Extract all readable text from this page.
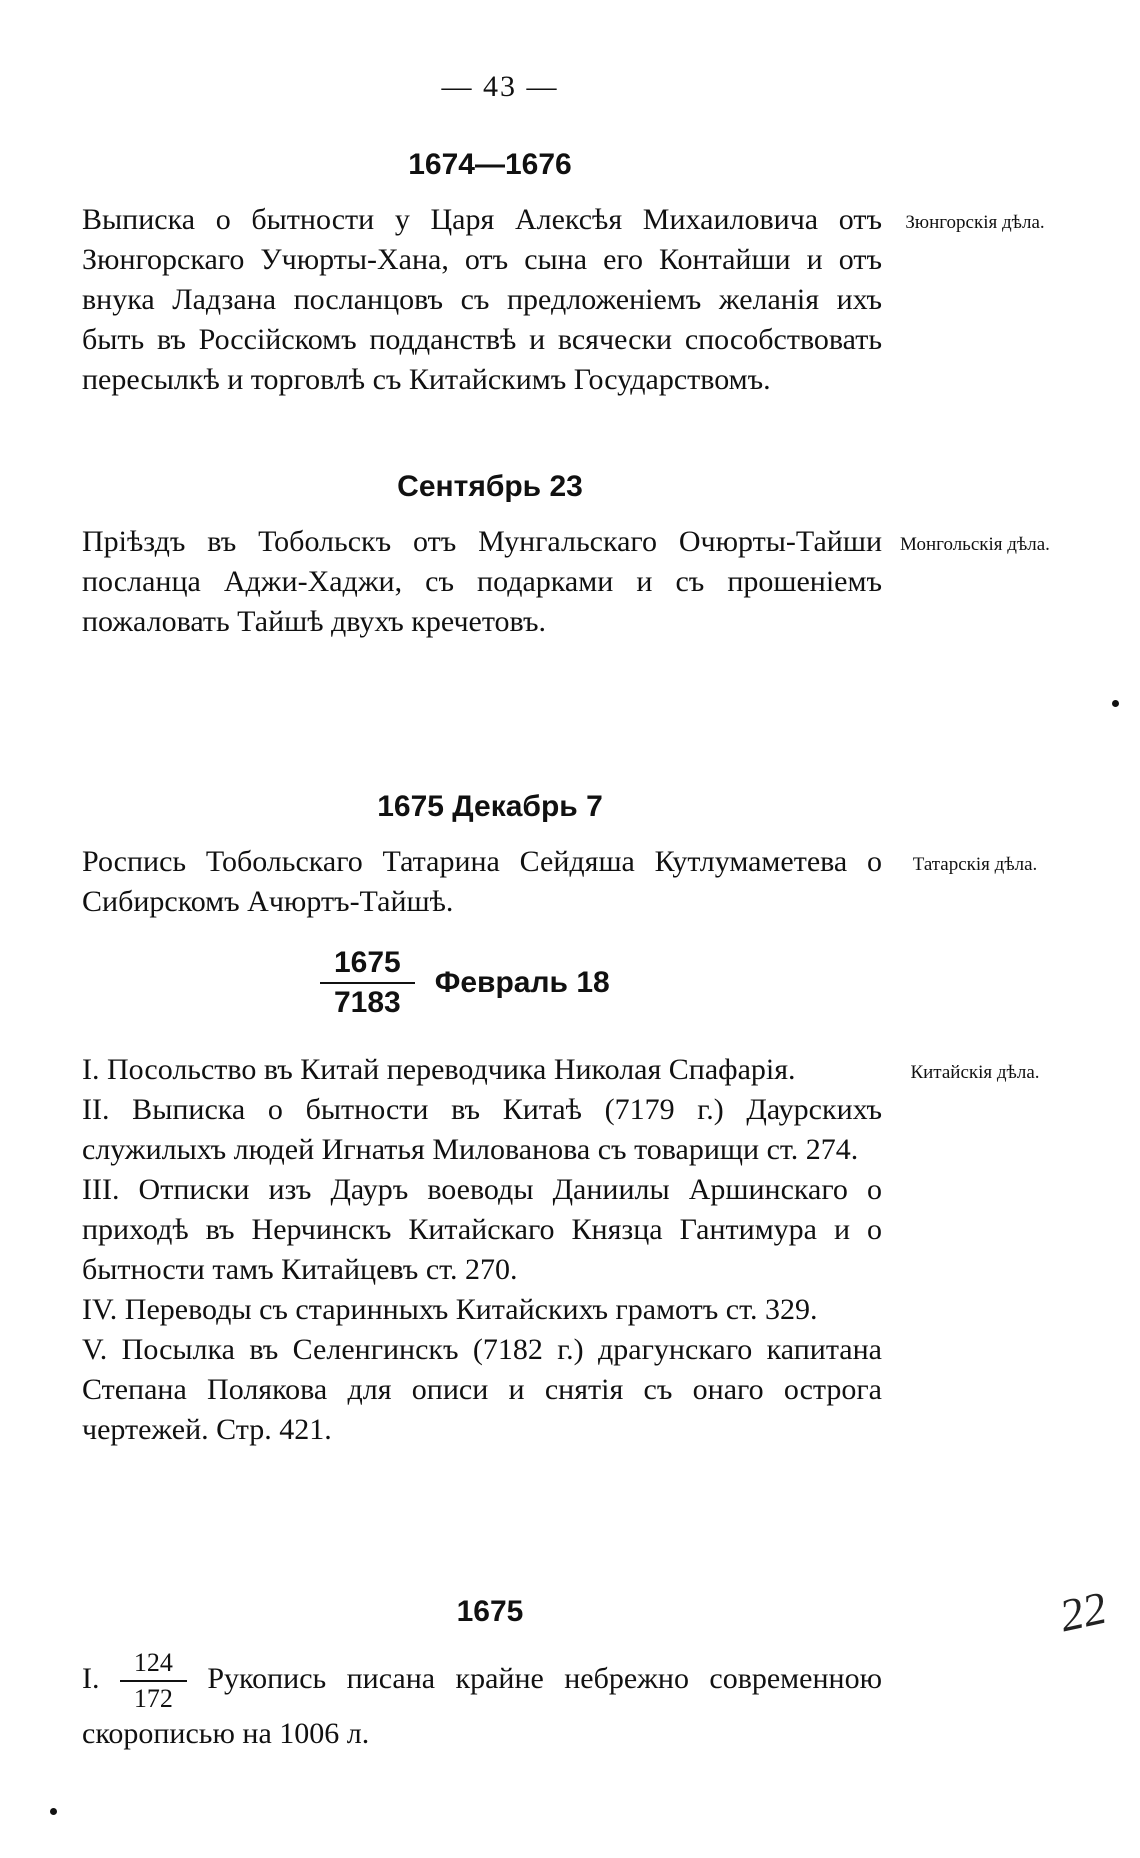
— 43 —
1674—1676
Выписка о бытности у Царя Алексѣя Михаиловича отъ Зюнгорскаго Учюрты-Хана, отъ сына его Контайши и отъ внука Ладзана посланцовъ съ предложеніемъ желанія ихъ быть въ Россійскомъ подданствѣ и всячески способствовать пересылкѣ и торговлѣ съ Китайскимъ Государствомъ.
Зюнгорскія дѣла.
Сентябрь 23
Пріѣздъ въ Тобольскъ отъ Мунгальскаго Очюрты-Тайши посланца Аджи-Хаджи, съ подарками и съ прошеніемъ пожаловать Тайшѣ двухъ кречетовъ.
Монгольскія дѣла.
1675 Декабрь 7
Роспись Тобольскаго Татарина Сейдяша Кутлумаметева о Сибирскомъ Ачюртъ-Тайшѣ.
Татарскія дѣла.
$\frac{1675}{7183}$ Февраль 18

I. Посольство въ Китай переводчика Николая Спафарія.

II. Выписка о бытности въ Китаѣ (7179 г.) Даурскихъ служилыхъ людей Игнатья Милованова съ товарищи ст. 274.

III. Отписки изъ Дауръ воеводы Даниилы Аршинскаго о приходѣ въ Нерчинскъ Китайскаго Князца Гантимура и о бытности тамъ Китайцевъ ст. 270.

IV. Переводы съ старинныхъ Китайскихъ грамотъ ст. 329.

V. Посылка въ Селенгинскъ (7182 г.) драгунскаго капитана Степана Полякова для описи и снятія съ онаго острога чертежей. Стр. 421.

Китайскія дѣла.
1675
I. $\frac{124}{172}$ Рукопись писана крайне небрежно современною скорописью на 1006 л.
22
